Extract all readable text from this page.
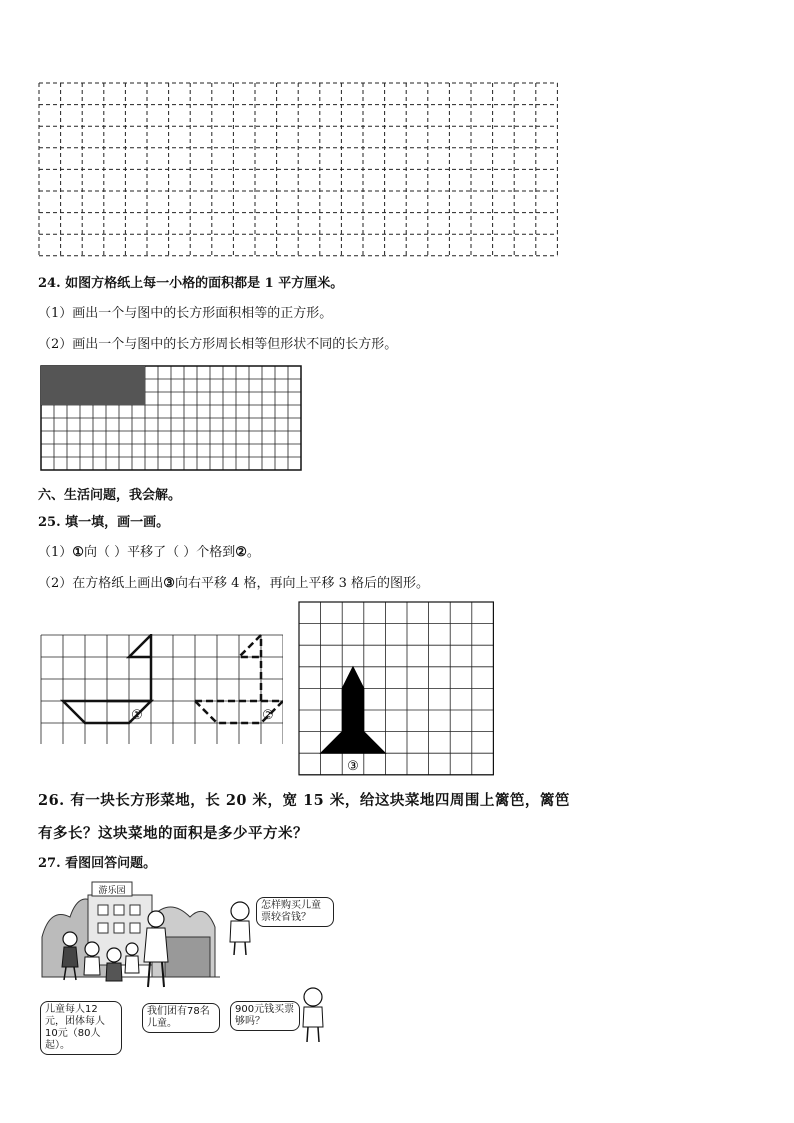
24. 如图方格纸上每一小格的面积都是 1 平方厘米。
（1）画出一个与图中的长方形面积相等的正方形。
（2）画出一个与图中的长方形周长相等但形状不同的长方形。
六、生活问题，我会解。
25. 填一填，画一画。
（1）①向（ ）平移了（ ）个格到②。
（2）在方格纸上画出③向右平移 4 格，再向上平移 3 格后的图形。
①	②
③
26. 有一块长方形菜地，长 20 米，宽 15 米，给这块菜地四周围上篱笆，篱笆
有多长？这块菜地的面积是多少平方米？
27. 看图回答问题。
游乐园
儿童每人12元，团体每人10元（80人起）。
我们团有78名儿童。
怎样购买儿童票较省钱？
900元钱买票够吗？
